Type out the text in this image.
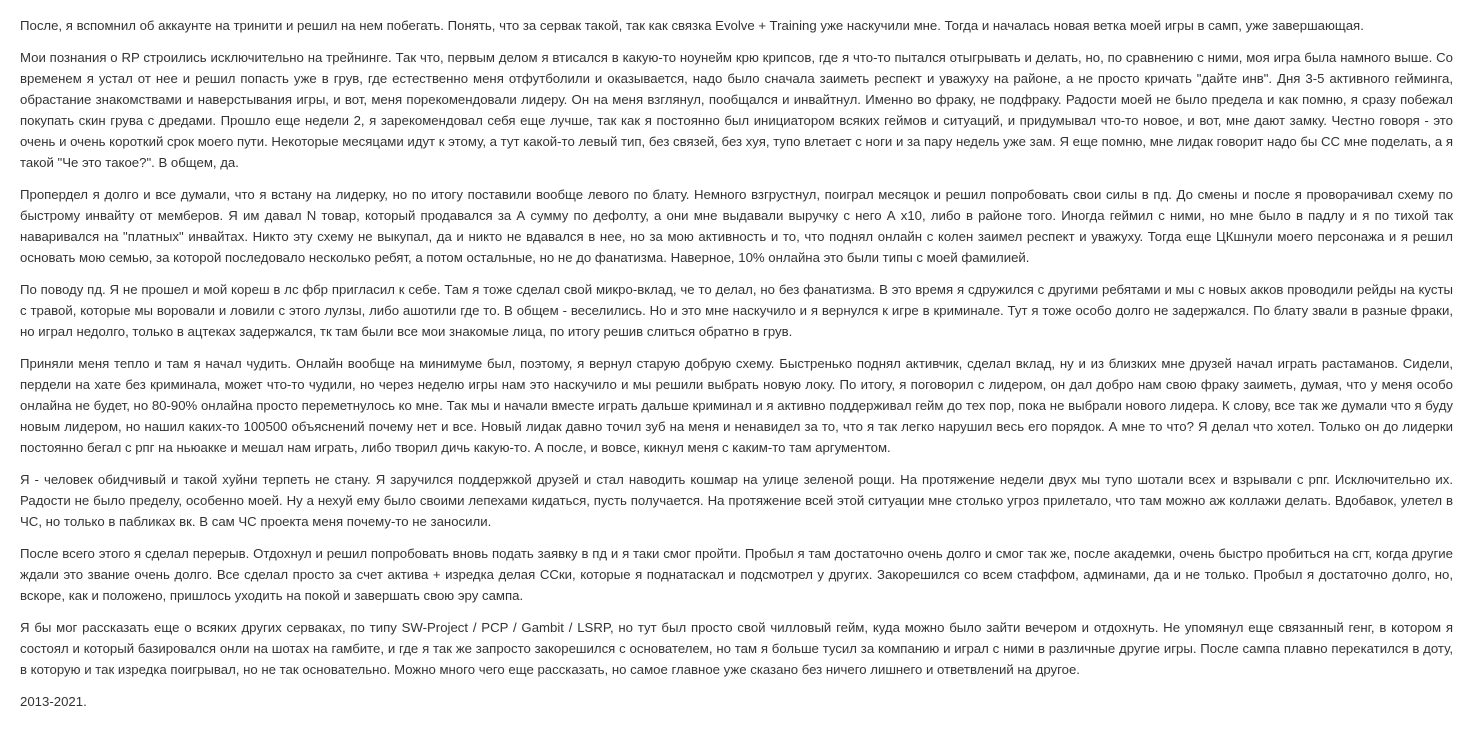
После, я вспомнил об аккаунте на тринити и решил на нем побегать. Понять, что за сервак такой, так как связка Evolve + Training уже наскучили мне. Тогда и началась новая ветка моей игры в самп, уже завершающая.

Мои познания о RP строились исключительно на трейнинге. Так что, первым делом я втисался в какую-то ноунейм крю крипсов, где я что-то пытался отыгрывать и делать, но, по сравнению с ними, моя игра была намного выше. Со временем я устал от нее и решил попасть уже в грув, где естественно меня отфутболили и оказывается, надо было сначала заиметь респект и уважуху на районе, а не просто кричать "дайте инв". Дня 3-5 активного гейминга, обрастание знакомствами и наверстывания игры, и вот, меня порекомендовали лидеру. Он на меня взглянул, пообщался и инвайтнул. Именно во фраку, не подфраку. Радости моей не было предела и как помню, я сразу побежал покупать скин грува с дредами. Прошло еще недели 2, я зарекомендовал себя еще лучше, так как я постоянно был инициатором всяких геймов и ситуаций, и придумывал что-то новое, и вот, мне дают замку. Честно говоря - это очень и очень короткий срок моего пути. Некоторые месяцами идут к этому, а тут какой-то левый тип, без связей, без хуя, тупо влетает с ноги и за пару недель уже зам. Я еще помню, мне лидак говорит надо бы СС мне поделать, а я такой "Че это такое?". В общем, да.

Пропердел я долго и все думали, что я встану на лидерку, но по итогу поставили вообще левого по блату. Немного взгрустнул, поиграл месяцок и решил попробовать свои силы в пд. До смены и после я проворачивал схему по быстрому инвайту от мемберов. Я им давал N товар, который продавался за А сумму по дефолту, а они мне выдавали выручку с него А х10, либо в районе того. Иногда геймил с ними, но мне было в падлу и я по тихой так наваривался на "платных" инвайтах. Никто эту схему не выкупал, да и никто не вдавался в нее, но за мою активность и то, что поднял онлайн с колен заимел респект и уважуху. Тогда еще ЦКшнули моего персонажа и я решил основать мою семью, за которой последовало несколько ребят, а потом остальные, но не до фанатизма. Наверное, 10% онлайна это были типы с моей фамилией.

По поводу пд. Я не прошел и мой кореш в лс фбр пригласил к себе. Там я тоже сделал свой микро-вклад, че то делал, но без фанатизма. В это время я сдружился с другими ребятами и мы с новых акков проводили рейды на кусты с травой, которые мы воровали и ловили с этого лулзы, либо ашотили где то. В общем - веселились. Но и это мне наскучило и я вернулся к игре в криминале. Тут я тоже особо долго не задержался. По блату звали в разные фраки, но играл недолго, только в ацтеках задержался, тк там были все мои знакомые лица, по итогу решив слиться обратно в грув.

Приняли меня тепло и там я начал чудить. Онлайн вообще на минимуме был, поэтому, я вернул старую добрую схему. Быстренько поднял активчик, сделал вклад, ну и из близких мне друзей начал играть растаманов. Сидели, пердели на хате без криминала, может что-то чудили, но через неделю игры нам это наскучило и мы решили выбрать новую локу. По итогу, я поговорил с лидером, он дал добро нам свою фраку заиметь, думая, что у меня особо онлайна не будет, но 80-90% онлайна просто переметнулось ко мне. Так мы и начали вместе играть дальше криминал и я активно поддерживал гейм до тех пор, пока не выбрали нового лидера. К слову, все так же думали что я буду новым лидером, но нашил каких-то 100500 объяснений почему нет и все. Новый лидак давно точил зуб на меня и ненавидел за то, что я так легко нарушил весь его порядок. А мне то что? Я делал что хотел. Только он до лидерки постоянно бегал с рпг на ньюакке и мешал нам играть, либо творил дичь какую-то. А после, и вовсе, кикнул меня с каким-то там аргументом.

Я - человек обидчивый и такой хуйни терпеть не стану. Я заручился поддержкой друзей и стал наводить кошмар на улице зеленой рощи. На протяжение недели двух мы тупо шотали всех и взрывали с рпг. Исключительно их. Радости не было пределу, особенно моей. Ну а нехуй ему было своими лепехами кидаться, пусть получается. На протяжение всей этой ситуации мне столько угроз прилетало, что там можно аж коллажи делать. Вдобавок, улетел в ЧС, но только в пабликах вк. В сам ЧС проекта меня почему-то не заносили.

После всего этого я сделал перерыв. Отдохнул и решил попробовать вновь подать заявку в пд и я таки смог пройти. Пробыл я там достаточно очень долго и смог так же, после академки, очень быстро пробиться на сгт, когда другие ждали это звание очень долго. Все сделал просто за счет актива + изредка делая ССки, которые я поднатаскал и подсмотрел у других. Закорешился со всем стаффом, админами, да и не только. Пробыл я достаточно долго, но, вскоре, как и положено, пришлось уходить на покой и завершать свою эру сампа.

Я бы мог рассказать еще о всяких других серваках, по типу SW-Project / PCP / Gambit / LSRP, но тут был просто свой чилловый гейм, куда можно было зайти вечером и отдохнуть. Не упомянул еще связанный генг, в котором я состоял и который базировался онли на шотах на гамбите, и где я так же запросто закорешился с основателем, но там я больше тусил за компанию и играл с ними в различные другие игры. После сампа плавно перекатился в доту, в которую и так изредка поигрывал, но не так основательно. Можно много чего еще рассказать, но самое главное уже сказано без ничего лишнего и ответвлений на другое.

2013-2021.
